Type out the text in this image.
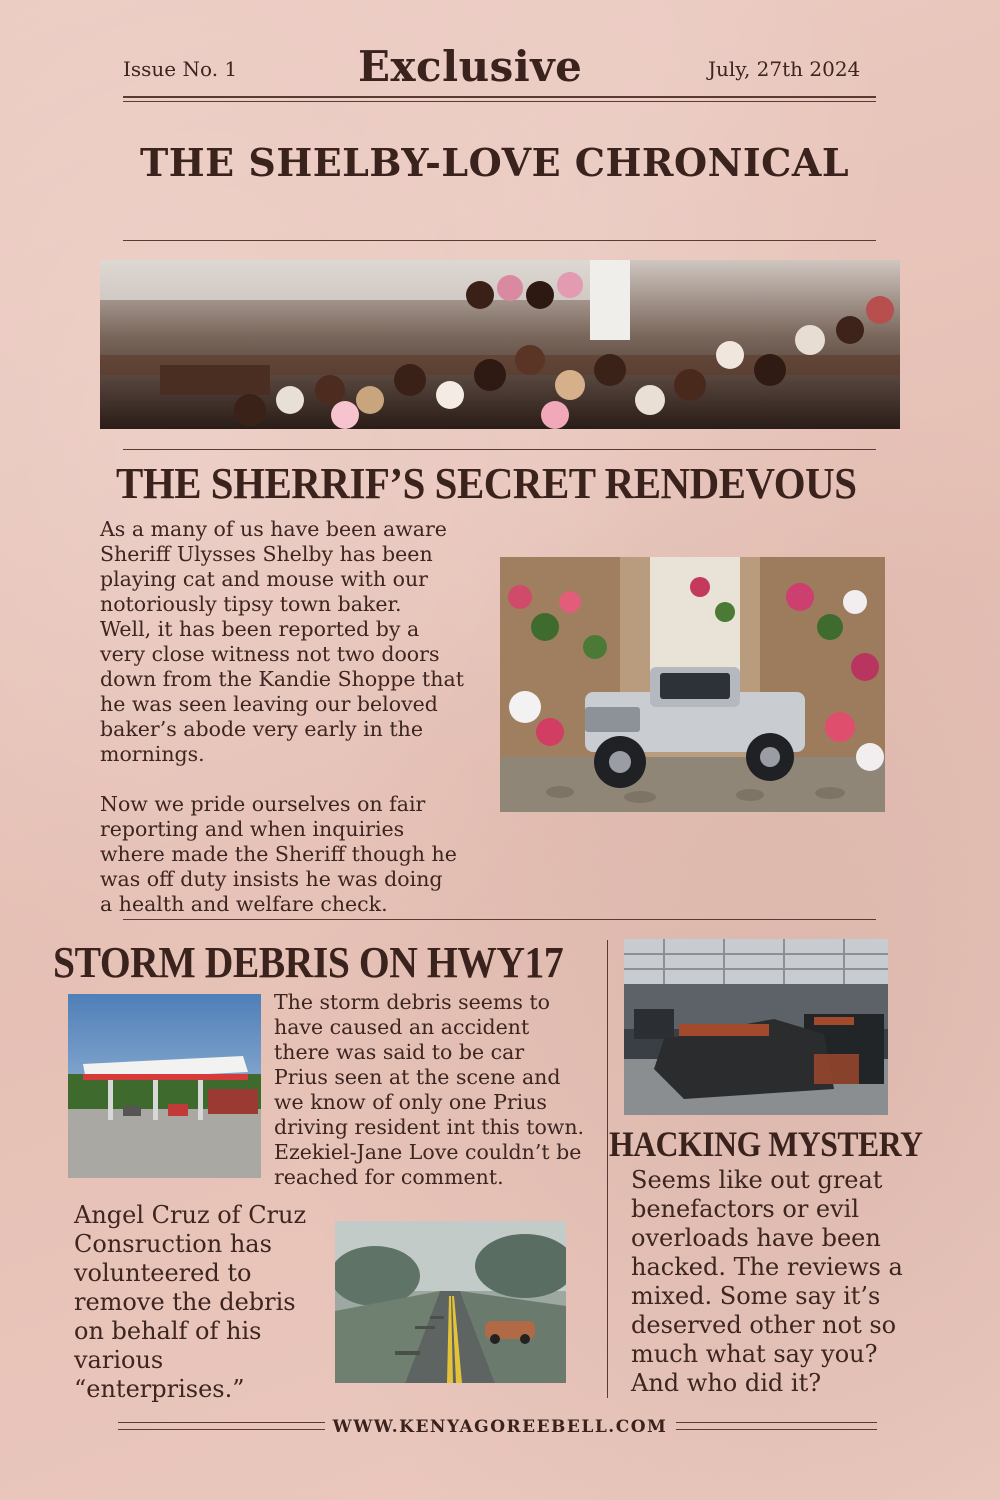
Issue No. 1	Exclusive	July, 27th 2024
THE SHELBY-LOVE CHRONICAL
THE SHERRIF’S SECRET RENDEVOUS
As a many of us have been aware
Sheriff Ulysses Shelby has been
playing cat and mouse with our
notoriously tipsy town baker.
Well, it has been reported by a
very close witness not two doors
down from the Kandie Shoppe that
he was seen leaving our beloved
baker’s abode very early in the
mornings.
Now we pride ourselves on fair
reporting and when inquiries
where made the Sheriff though he
was off duty insists he was doing
a health and welfare check.
STORM DEBRIS ON HWY17
The storm debris seems to
have caused an accident
there was said to be car
Prius seen at the scene and
we know of only one Prius
driving resident int this town.
Ezekiel-Jane Love couldn’t be
reached for comment.
Angel Cruz of Cruz
Consruction has
volunteered to
remove the debris
on behalf of his
various
“enterprises.”
HACKING MYSTERY
Seems like out great
benefactors or evil
overloads have been
hacked. The reviews a
mixed. Some say it’s
deserved other not so
much what say you?
And who did it?
WWW.KENYAGOREEBELL.COM
